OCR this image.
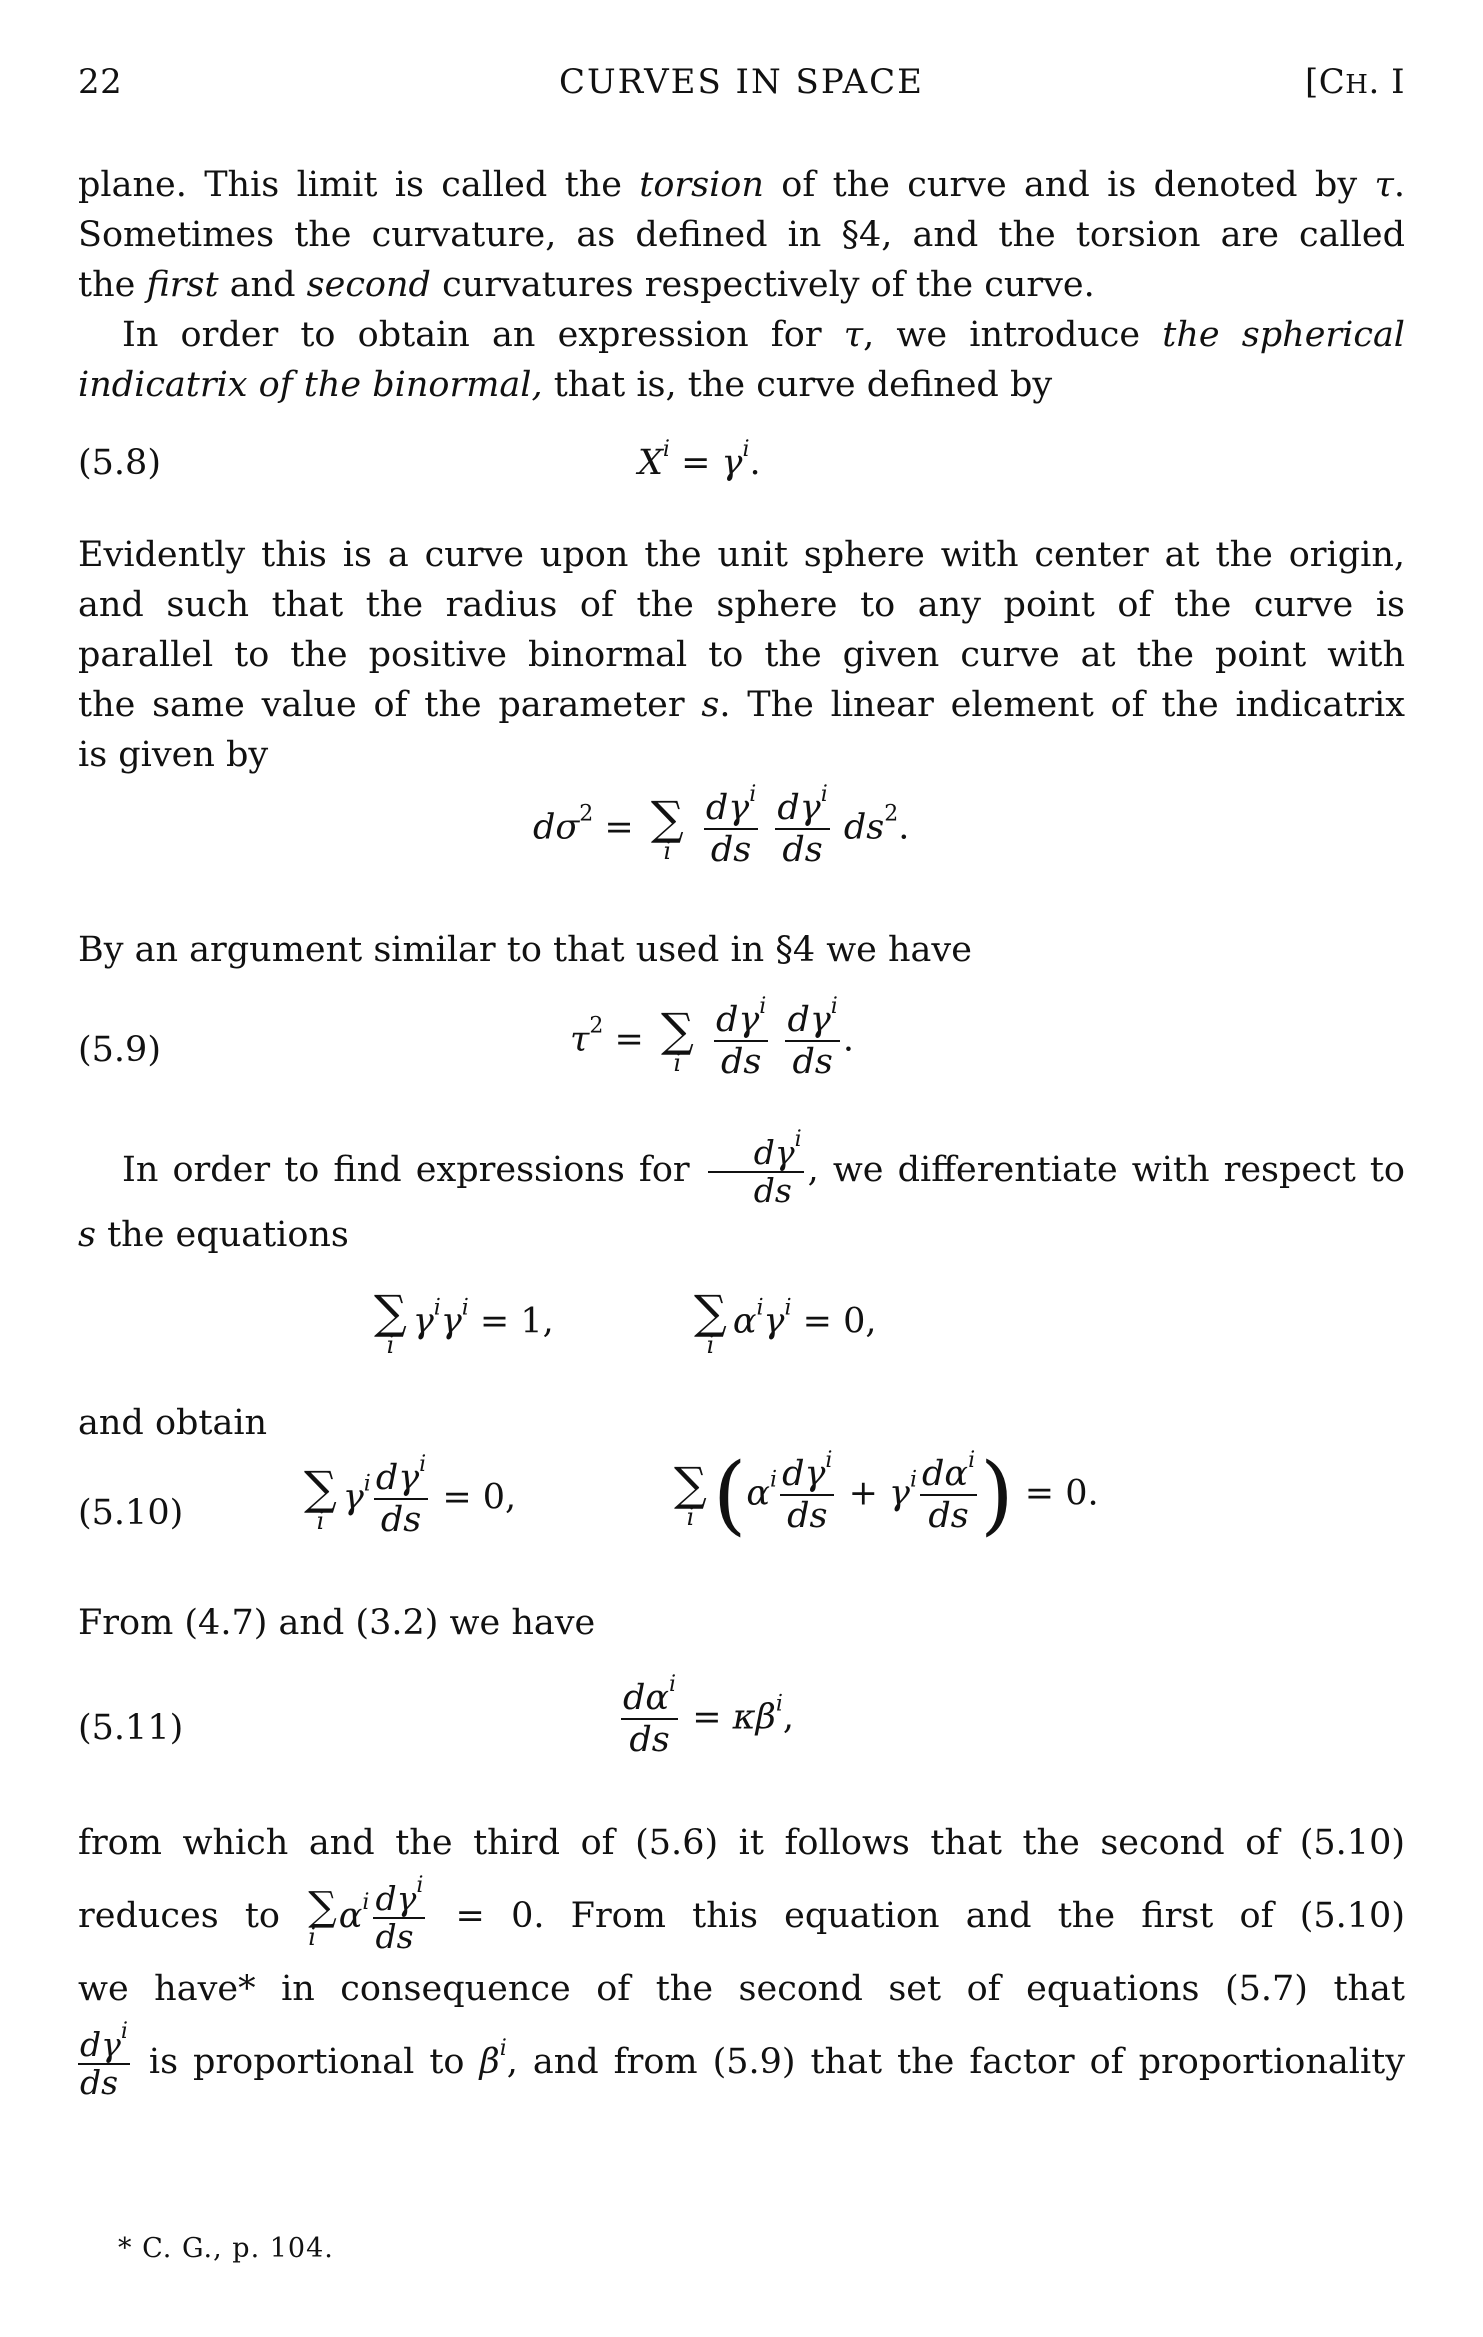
22	CURVES IN SPACE	[CH. I

plane. This limit is called the torsion of the curve and is denoted by τ.

Sometimes the curvature, as defined in §4, and the torsion are called

the first and second curvatures respectively of the curve.

In order to obtain an expression for τ, we introduce the spherical

indicatrix of the binormal, that is, the curve defined by

(5.8)	$X^i = \gamma^i$.

Evidently this is a curve upon the unit sphere with center at the origin,

and such that the radius of the sphere to any point of the curve is

parallel to the positive binormal to the given curve at the point with

the same value of the parameter s. The linear element of the indicatrix

is given by

$d\sigma^2$ = ∑
i
$\frac{d\gamma^i}{ds}$
$\frac{d\gamma^i}{ds} ds^2$.

By an argument similar to that used in §4 we have

(5.9)	$\tau^2$ = ∑
i
$\frac{d\gamma^i}{ds}$
$\frac{d\gamma^i}{ds}$ .

In order to find expressions for $\frac{d\gamma^i}{ds}$ , we differentiate with respect to

s the equations

∑
i
$\gamma^i\gamma^i = 1$,	∑
i
$\alpha^i\gamma^i = 0$,

and obtain

(5.10)	∑
i
$\gamma^i \frac{d\gamma^i}{ds} = 0$,	∑
i ($\alpha^i \frac{d\gamma^i}{ds} + \gamma^i \frac{d\alpha^i}{ds}$ ) = 0.

From (4.7) and (3.2) we have

(5.11)	$\frac{d\alpha^i}{ds} = \kappa\beta^i$,

from which and the third of (5.6) it follows that the second of (5.10)

reduces to ∑
i
$\alpha^i \frac{d\gamma^i}{ds} = 0$. From this equation and the first of (5.10)

we have* in consequence of the second set of equations (5.7) that

$\frac{d\gamma^i}{ds}$ is proportional to $\beta^i$, and from (5.9) that the factor of proportionality

* C. G., p. 104.
